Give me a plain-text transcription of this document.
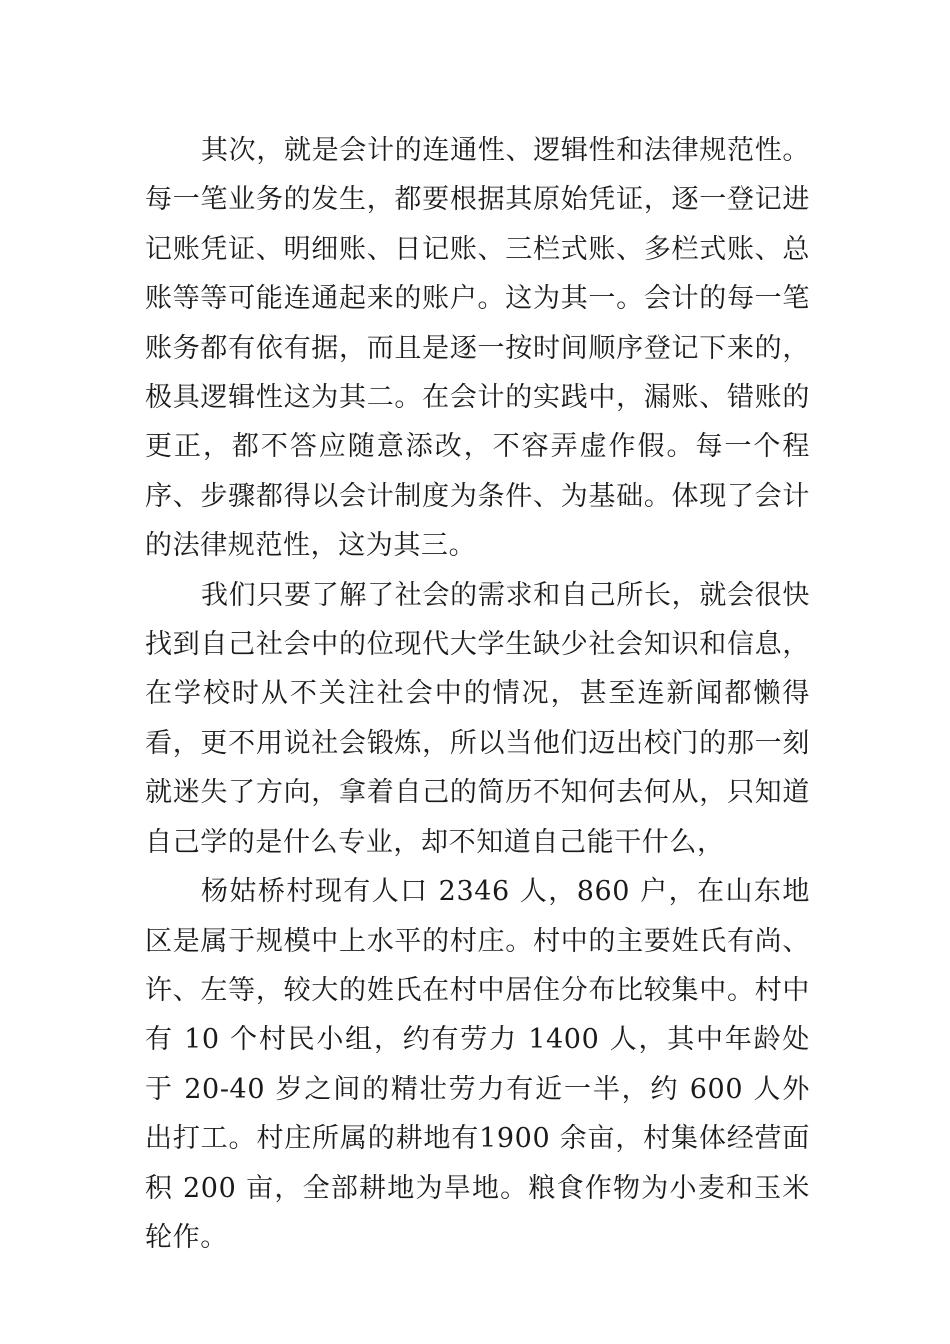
其次，就是会计的连通性、逻辑性和法律规范性。每一笔业务的发生，都要根据其原始凭证，逐一登记进记账凭证、明细账、日记账、三栏式账、多栏式账、总账等等可能连通起来的账户。这为其一。会计的每一笔账务都有依有据，而且是逐一按时间顺序登记下来的，极具逻辑性这为其二。在会计的实践中，漏账、错账的更正，都不答应随意添改，不容弄虚作假。每一个程序、步骤都得以会计制度为条件、为基础。体现了会计的法律规范性，这为其三。

我们只要了解了社会的需求和自己所长，就会很快找到自己社会中的位现代大学生缺少社会知识和信息，在学校时从不关注社会中的情况，甚至连新闻都懒得看，更不用说社会锻炼，所以当他们迈出校门的那一刻就迷失了方向，拿着自己的简历不知何去何从，只知道自己学的是什么专业，却不知道自己能干什么，

杨姑桥村现有人口 2346 人，860 户，在山东地区是属于规模中上水平的村庄。村中的主要姓氏有尚、许、左等，较大的姓氏在村中居住分布比较集中。村中有 10 个村民小组，约有劳力 1400 人，其中年龄处于 20-40 岁之间的精壮劳力有近一半，约 600 人外出打工。村庄所属的耕地有1900 余亩，村集体经营面积 200 亩，全部耕地为旱地。粮食作物为小麦和玉米轮作。
